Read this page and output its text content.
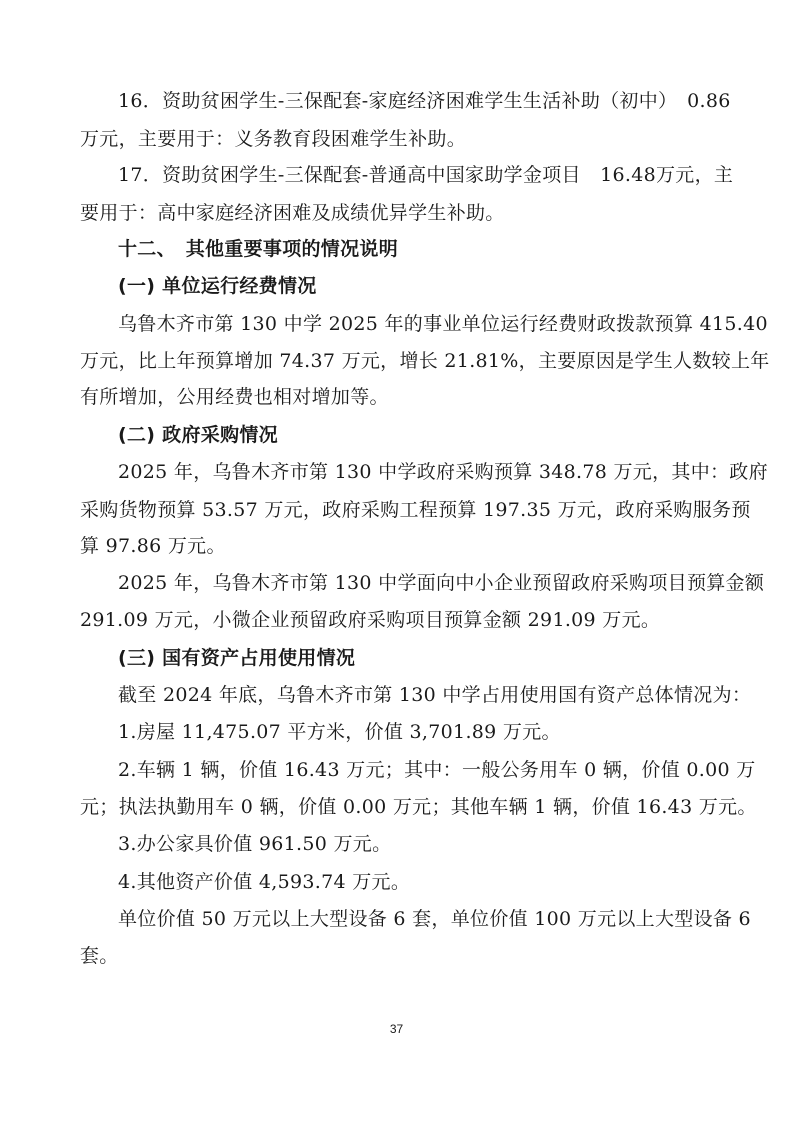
16．资助贫困学生-三保配套-家庭经济困难学生生活补助（初中）　0.86
万元，主要用于：义务教育段困难学生补助。
17．资助贫困学生-三保配套-普通高中国家助学金项目　16.48万元，主
要用于：高中家庭经济困难及成绩优异学生补助。
十二、　其他重要事项的情况说明
(一) 单位运行经费情况
乌鲁木齐市第 130 中学 2025 年的事业单位运行经费财政拨款预算 415.40
万元，比上年预算增加 74.37 万元，增长 21.81%，主要原因是学生人数较上年
有所增加，公用经费也相对增加等。
(二) 政府采购情况
2025 年，乌鲁木齐市第 130 中学政府采购预算 348.78 万元，其中：政府
采购货物预算 53.57 万元，政府采购工程预算 197.35 万元，政府采购服务预
算 97.86 万元。
2025 年，乌鲁木齐市第 130 中学面向中小企业预留政府采购项目预算金额
291.09 万元，小微企业预留政府采购项目预算金额 291.09 万元。
(三) 国有资产占用使用情况
截至 2024 年底，乌鲁木齐市第 130 中学占用使用国有资产总体情况为：
1.房屋 11,475.07 平方米，价值 3,701.89 万元。
2.车辆 1 辆，价值 16.43 万元；其中：一般公务用车 0 辆，价值 0.00 万
元；执法执勤用车 0 辆，价值 0.00 万元；其他车辆 1 辆，价值 16.43 万元。
3.办公家具价值 961.50 万元。
4.其他资产价值 4,593.74 万元。
单位价值 50 万元以上大型设备 6 套，单位价值 100 万元以上大型设备 6
套。
37
